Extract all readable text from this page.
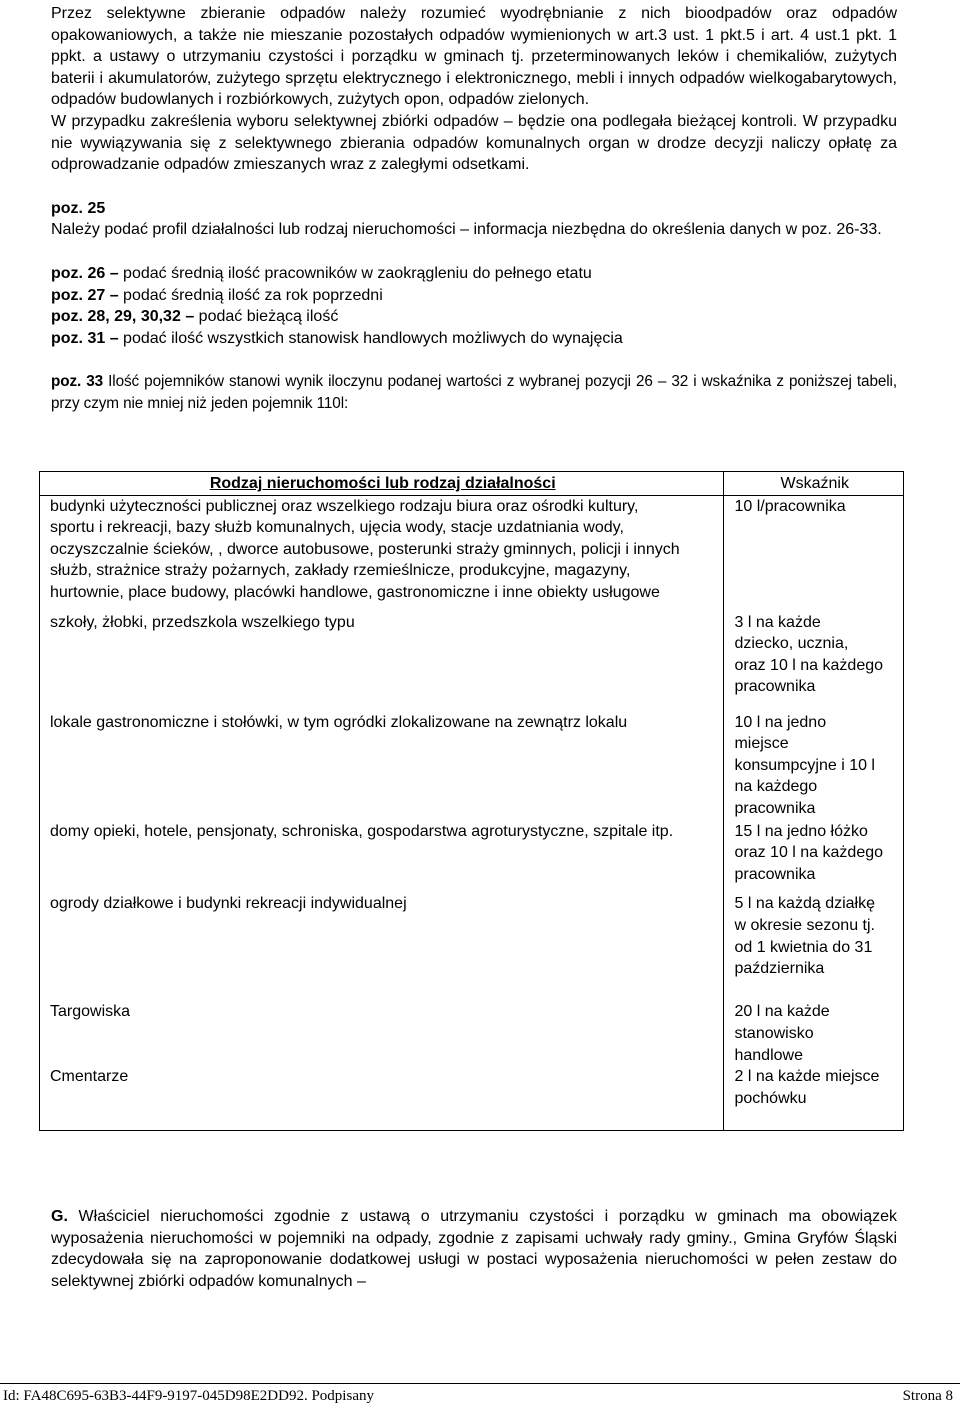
Przez selektywne zbieranie odpadów należy rozumieć wyodrębnianie z nich bioodpadów oraz odpadów opakowaniowych, a także nie mieszanie pozostałych odpadów wymienionych w art.3 ust. 1 pkt.5 i art. 4 ust.1 pkt. 1 ppkt. a ustawy o utrzymaniu czystości i porządku w gminach tj. przeterminowanych leków i chemikaliów, zużytych baterii i akumulatorów, zużytego sprzętu elektrycznego i elektronicznego, mebli i innych odpadów wielkogabarytowych, odpadów budowlanych i rozbiórkowych, zużytych opon, odpadów zielonych.

W przypadku zakreślenia wyboru selektywnej zbiórki odpadów – będzie ona podlegała bieżącej kontroli. W przypadku nie wywiązywania się z selektywnego zbierania odpadów komunalnych organ w drodze decyzji naliczy opłatę za odprowadzanie odpadów zmieszanych wraz z zaległymi odsetkami.

poz. 25

Należy podać profil działalności lub rodzaj nieruchomości – informacja niezbędna do określenia danych w poz. 26-33.

poz. 26 – podać średnią ilość pracowników w zaokrągleniu do pełnego etatu

poz. 27 – podać średnią ilość za rok poprzedni

poz. 28, 29, 30,32 – podać bieżącą ilość

poz. 31 – podać ilość wszystkich stanowisk handlowych możliwych do wynajęcia

poz. 33 Ilość pojemników stanowi wynik iloczynu podanej wartości z wybranej pozycji 26 – 32 i wskaźnika z poniższej tabeli, przy czym nie mniej niż jeden pojemnik 110l:

Rodzaj nieruchomości lub rodzaj działalności	Wskaźnik
budynki użyteczności publicznej oraz wszelkiego rodzaju biura oraz ośrodki kultury, sportu i rekreacji, bazy służb komunalnych, ujęcia wody, stacje uzdatniania wody, oczyszczalnie ścieków, , dworce autobusowe, posterunki straży gminnych, policji i innych służb, strażnice straży pożarnych, zakłady rzemieślnicze, produkcyjne, magazyny, hurtownie, place budowy, placówki handlowe, gastronomiczne i inne obiekty usługowe	10 l/pracownika
szkoły, żłobki, przedszkola wszelkiego typu	3 l na każde dziecko, ucznia, oraz 10 l na każdego pracownika
lokale gastronomiczne i stołówki, w tym ogródki zlokalizowane na zewnątrz lokalu	10 l na jedno miejsce konsumpcyjne i 10 l na każdego pracownika
domy opieki, hotele, pensjonaty, schroniska, gospodarstwa agroturystyczne, szpitale itp.	15 l na jedno łóżko oraz 10 l na każdego pracownika
ogrody działkowe i budynki rekreacji indywidualnej	5 l na każdą działkę w okresie sezonu tj. od 1 kwietnia do 31 października
Targowiska	20 l na każde stanowisko handlowe
Cmentarze	2 l na każde miejsce pochówku

G. Właściciel nieruchomości zgodnie z ustawą o utrzymaniu czystości i porządku w gminach ma obowiązek wyposażenia nieruchomości w pojemniki na odpady, zgodnie z zapisami uchwały rady gminy., Gmina Gryfów Śląski zdecydowała się na zaproponowanie dodatkowej usługi w postaci wyposażenia nieruchomości w pełen zestaw do selektywnej zbiórki odpadów komunalnych –

Id: FA48C695-63B3-44F9-9197-045D98E2DD92. Podpisany	Strona 8
